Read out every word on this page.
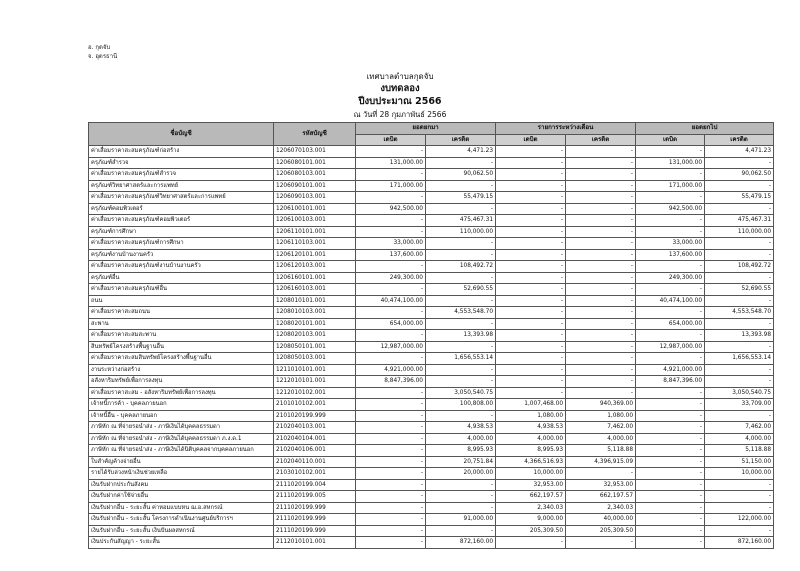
อ. กุดจับ
จ. อุดรธานี
เทศบาลตำบลกุดจับ
งบทดลอง
ปีงบประมาณ 2566
ณ วันที่ 28 กุมภาพันธ์ 2566
ชื่อบัญชี	รหัสบัญชี	ยอดยกมา		รายการระหว่างเดือน		ยอดยกไป	
		เดบิต	เครดิต	เดบิต	เครดิต	เดบิต	เครดิต
ค่าเสื่อมราคาสะสมครุภัณฑ์ก่อสร้าง	1206070103.001	-	4,471.23	-	-	-	4,471.23
ครุภัณฑ์สำรวจ	1206080101.001	131,000.00	-	-	-	131,000.00	-
ค่าเสื่อมราคาสะสมครุภัณฑ์สำรวจ	1206080103.001	-	90,062.50	-	-	-	90,062.50
ครุภัณฑ์วิทยาศาสตร์และการแพทย์	1206090101.001	171,000.00	-	-	-	171,000.00	-
ค่าเสื่อมราคาสะสมครุภัณฑ์วิทยาศาสตร์และการแพทย์	1206090103.001	-	55,479.15	-	-	-	55,479.15
ครุภัณฑ์คอมพิวเตอร์	1206100101.001	942,500.00	-	-	-	942,500.00	-
ค่าเสื่อมราคาสะสมครุภัณฑ์คอมพิวเตอร์	1206100103.001	-	475,467.31	-	-	-	475,467.31
ครุภัณฑ์การศึกษา	1206110101.001	-	110,000.00	-	-	-	110,000.00
ค่าเสื่อมราคาสะสมครุภัณฑ์การศึกษา	1206110103.001	33,000.00	-	-	-	33,000.00	-
ครุภัณฑ์งานบ้านงานครัว	1206120101.001	137,600.00	-	-	-	137,600.00	-
ค่าเสื่อมราคาสะสมครุภัณฑ์งานบ้านงานครัว	1206120103.001	-	108,492.72	-	-	-	108,492.72
ครุภัณฑ์อื่น	1206160101.001	249,300.00	-	-	-	249,300.00	-
ค่าเสื่อมราคาสะสมครุภัณฑ์อื่น	1206160103.001	-	52,690.55	-	-	-	52,690.55
ถนน	1208010101.001	40,474,100.00	-	-	-	40,474,100.00	-
ค่าเสื่อมราคาสะสมถนน	1208010103.001	-	4,553,548.70	-	-	-	4,553,548.70
สะพาน	1208020101.001	654,000.00	-	-	-	654,000.00	-
ค่าเสื่อมราคาสะสมสะพาน	1208020103.001	-	13,393.98	-	-	-	13,393.98
สินทรัพย์โครงสร้างพื้นฐานอื่น	1208050101.001	12,987,000.00	-	-	-	12,987,000.00	-
ค่าเสื่อมราคาสะสมสินทรัพย์โครงสร้างพื้นฐานอื่น	1208050103.001	-	1,656,553.14	-	-	-	1,656,553.14
งานระหว่างก่อสร้าง	1211010101.001	4,921,000.00	-	-	-	4,921,000.00	-
อสังหาริมทรัพย์เพื่อการลงทุน	1212010101.001	8,847,396.00	-	-	-	8,847,396.00	-
ค่าเสื่อมราคาสะสม - อสังหาริมทรัพย์เพื่อการลงทุน	1212010102.001	-	3,050,540.75	-	-	-	3,050,540.75
เจ้าหนี้การค้า - บุคคลภายนอก	2101010102.001	-	100,808.00	1,007,468.00	940,369.00	-	33,709.00
เจ้าหนี้อื่น - บุคคลภายนอก	2101020199.999	-	-	1,080.00	1,080.00	-	-
ภาษีหัก ณ ที่จ่ายรอนำส่ง - ภาษีเงินได้บุคคลธรรมดา	2102040103.001	-	4,938.53	4,938.53	7,462.00	-	7,462.00
ภาษีหัก ณ ที่จ่ายรอนำส่ง - ภาษีเงินได้บุคคลธรรมดา ภ.ง.ด.1	2102040104.001	-	4,000.00	4,000.00	4,000.00	-	4,000.00
ภาษีหัก ณ ที่จ่ายรอนำส่ง - ภาษีเงินได้นิติบุคคลจากบุคคลภายนอก	2102040106.001	-	8,995.93	8,995.93	5,118.88	-	5,118.88
ใบสำคัญค้างจ่ายอื่น	2102040110.001	-	20,751.84	4,366,516.93	4,396,915.09	-	51,150.00
รายได้รับล่วงหน้าเงินช่วยเหลือ	2103010102.001	-	20,000.00	10,000.00	-	-	10,000.00
เงินรับฝากประกันสังคม	2111020199.004	-	-	32,953.00	32,953.00	-	-
เงินรับฝากค่าใช้จ่ายอื่น	2111020199.005	-	-	662,197.57	662,197.57	-	-
เงินรับฝากอื่น - ระยะสั้น ค่าหอมแบบหน ฌ.อ.สหกรณ์	2111020199.999	-	-	2,340.03	2,340.03	-	-
เงินรับฝากอื่น - ระยะสั้น โครงการดำเนินงานศูนย์บริการฯ	2111020199.999	-	91,000.00	9,000.00	40,000.00	-	122,000.00
เงินรับฝากอื่น - ระยะสั้น เงินปันผลสหกรณ์	2111020199.999	-	-	205,309.50	205,309.50	-	-
เงินประกันสัญญา - ระยะสั้น	2112010101.001	-	872,160.00	-	-	-	872,160.00
